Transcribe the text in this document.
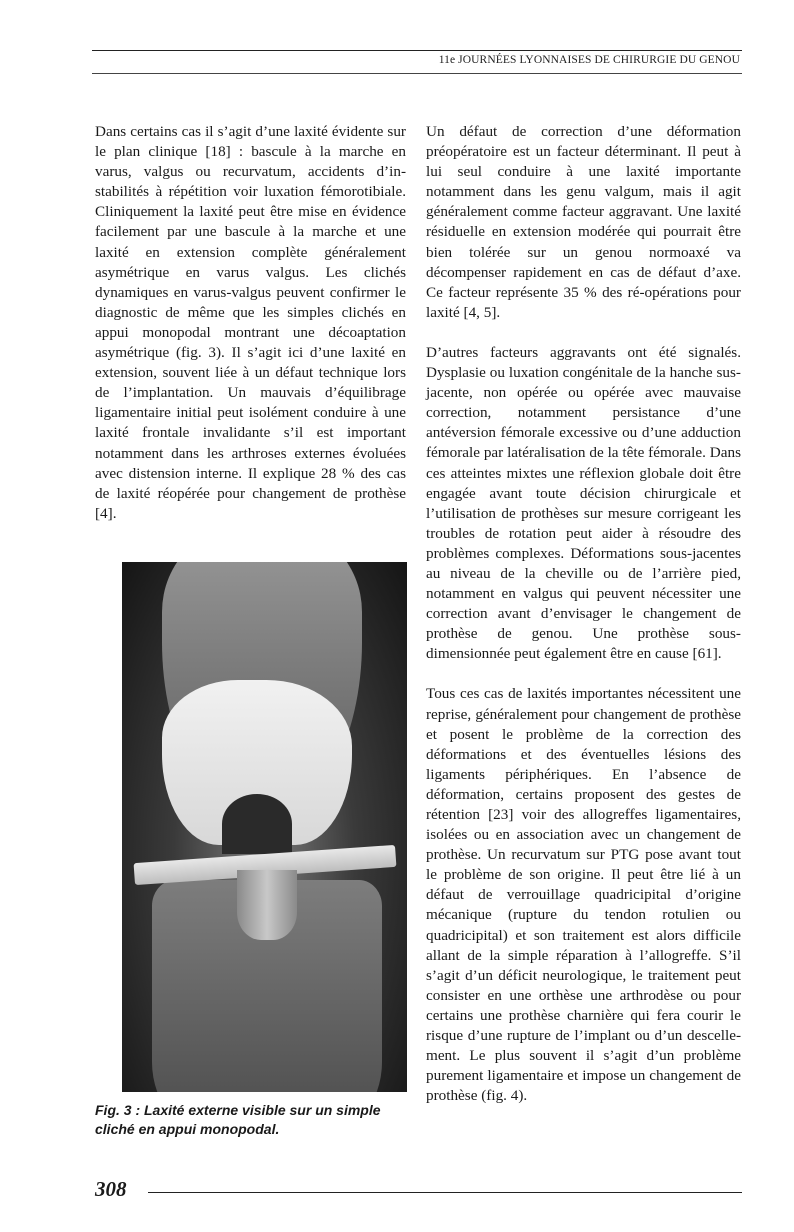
11e JOURNÉES LYONNAISES DE CHIRURGIE DU GENOU

Dans certains cas il s’agit d’une laxité évidente sur le plan clinique [18] : bascule à la marche en varus, valgus ou recurvatum, accidents d’instabilités à répétition voir luxation fémorotibiale. Cliniquement la laxité peut être mise en évidence facilement par une bascule à la marche et une laxité en extension complète généralement asymétrique en varus valgus. Les clichés dynamiques en varus-valgus peuvent confirmer le diagnostic de même que les simples clichés en appui monopodal montrant une décoaptation asymétrique (fig. 3). Il s’agit ici d’une laxité en extension, souvent liée à un défaut technique lors de l’implantation. Un mauvais d’équilibrage ligamentaire initial peut isolément conduire à une laxité frontale invalidante s’il est important notamment dans les arthroses externes évoluées avec distension interne. Il explique 28 % des cas de laxité réopérée pour changement de prothèse [4].

Fig. 3 : Laxité externe visible sur un simple cliché en appui monopodal.

Un défaut de correction d’une déformation préopératoire est un facteur déterminant. Il peut à lui seul conduire à une laxité importante notamment dans les genu valgum, mais il agit généralement comme facteur aggravant. Une laxité résiduelle en extension modérée qui pourrait être bien tolérée sur un genou normoaxé va décompenser rapidement en cas de défaut d’axe. Ce facteur représente 35 % des ré-opérations pour laxité [4, 5].

D’autres facteurs aggravants ont été signalés. Dysplasie ou luxation congénitale de la hanche sus-jacente, non opérée ou opérée avec mauvaise correction, notamment persistance d’une antéversion fémorale excessive ou d’une adduction fémorale par latéralisation de la tête fémorale. Dans ces atteintes mixtes une réflexion globale doit être engagée avant toute décision chirurgicale et l’utilisation de prothèses sur mesure corrigeant les troubles de rotation peut aider à résoudre des problèmes complexes. Déformations sous-jacentes au niveau de la cheville ou de l’arrière pied, notamment en valgus qui peuvent nécessiter une correction avant d’envisager le changement de prothèse de genou. Une prothèse sous-dimensionnée peut également être en cause [61].

Tous ces cas de laxités importantes nécessitent une reprise, généralement pour changement de prothèse et posent le problème de la correction des déformations et des éventuelles lésions des ligaments périphériques. En l’absence de déformation, certains proposent des gestes de rétention [23] voir des allogreffes ligamentaires, isolées ou en association avec un changement de prothèse. Un recurvatum sur PTG pose avant tout le problème de son origine. Il peut être lié à un défaut de verrouillage quadricipital d’origine mécanique (rupture du tendon rotulien ou quadricipital) et son traitement est alors difficile allant de la simple réparation à l’allogreffe. S’il s’agit d’un déficit neurologique, le traitement peut consister en une orthèse une arthrodèse ou pour certains une prothèse charnière qui fera courir le risque d’une rupture de l’implant ou d’un descellement. Le plus souvent il s’agit d’un problème purement ligamentaire et impose un changement de prothèse (fig. 4).

308
